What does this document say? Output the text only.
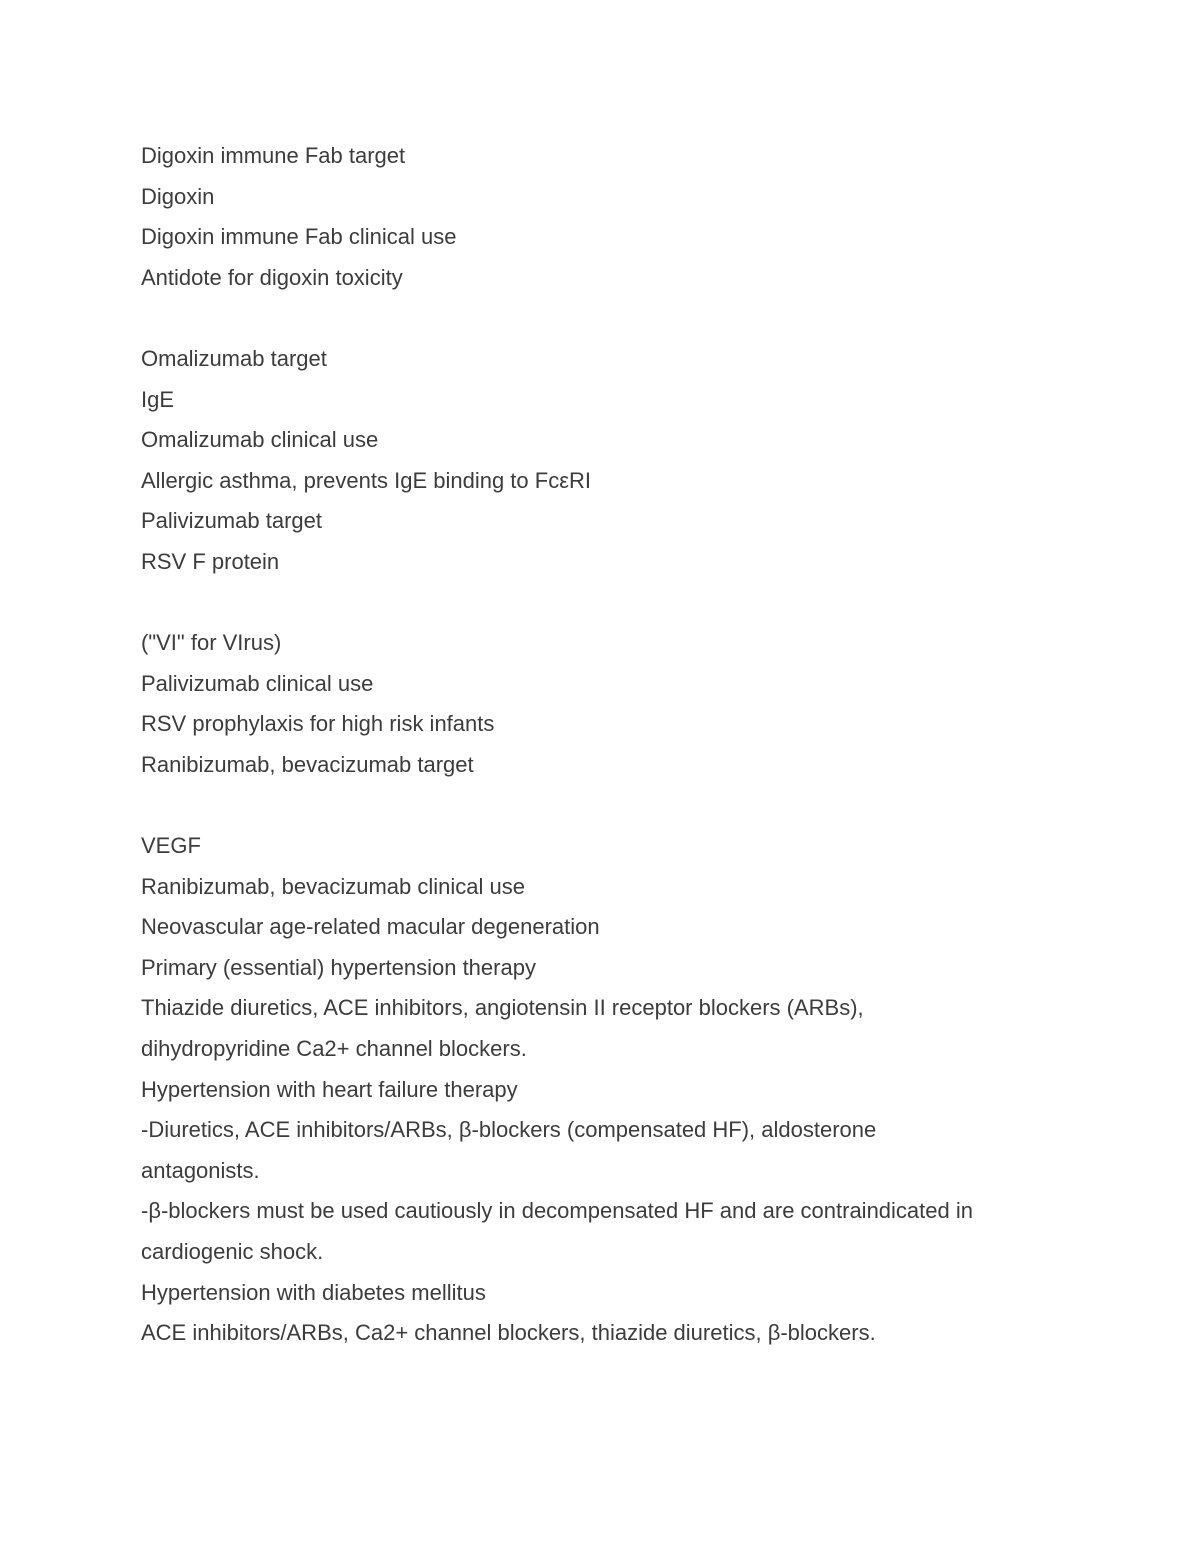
Digoxin immune Fab target
Digoxin
Digoxin immune Fab clinical use
Antidote for digoxin toxicity
Omalizumab target
IgE
Omalizumab clinical use
Allergic asthma, prevents IgE binding to FcεRI
Palivizumab target
RSV F protein
("VI" for VIrus)
Palivizumab clinical use
RSV prophylaxis for high risk infants
Ranibizumab, bevacizumab target
VEGF
Ranibizumab, bevacizumab clinical use
Neovascular age-related macular degeneration
Primary (essential) hypertension therapy
Thiazide diuretics, ACE inhibitors, angiotensin II receptor blockers (ARBs),
dihydropyridine Ca2+ channel blockers.
Hypertension with heart failure therapy
-Diuretics, ACE inhibitors/ARBs, β-blockers (compensated HF), aldosterone
antagonists.
-β-blockers must be used cautiously in decompensated HF and are contraindicated in
cardiogenic shock.
Hypertension with diabetes mellitus
ACE inhibitors/ARBs, Ca2+ channel blockers, thiazide diuretics, β-blockers.
